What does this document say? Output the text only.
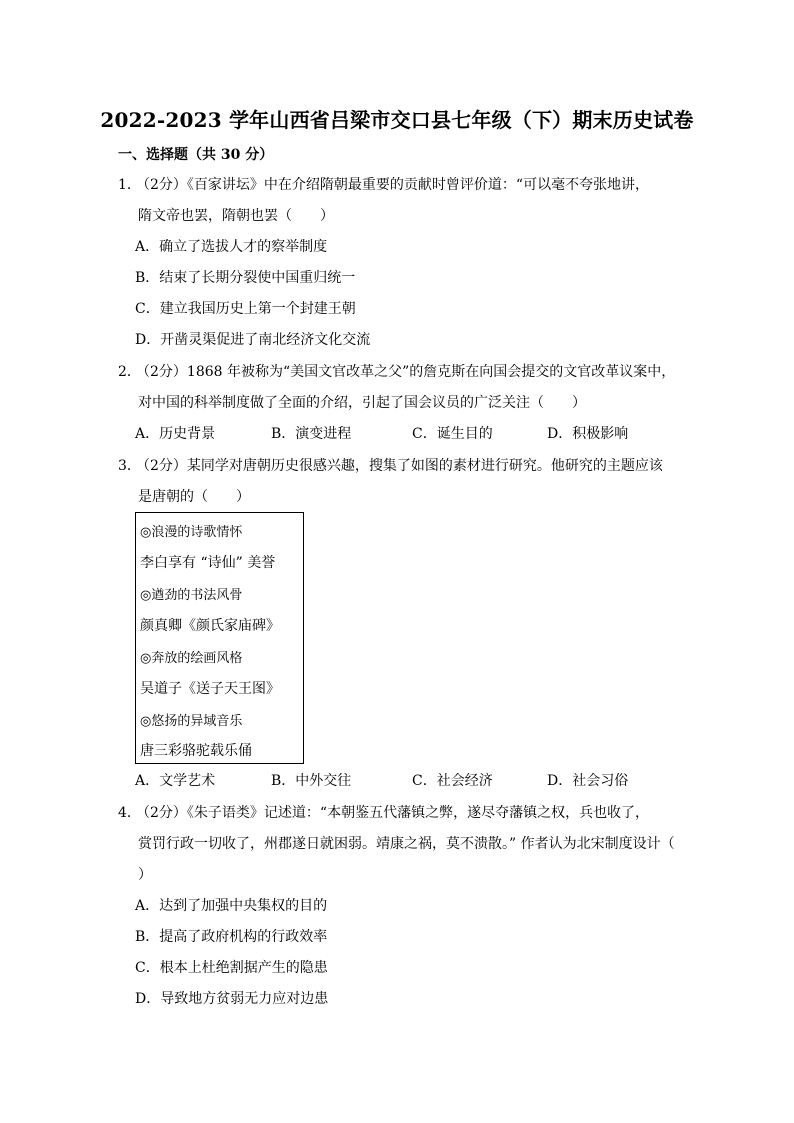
2022-2023 学年山西省吕梁市交口县七年级（下）期末历史试卷
一、选择题（共 30 分）
1．（2分）《百家讲坛》中在介绍隋朝最重要的贡献时曾评价道：“可以毫不夸张地讲，
隋文帝也罢，隋朝也罢（　　）
A．确立了选拔人才的察举制度
B．结束了长期分裂使中国重归统一
C．建立我国历史上第一个封建王朝
D．开凿灵渠促进了南北经济文化交流
2．（2分）1868 年被称为“美国文官改革之父”的詹克斯在向国会提交的文官改革议案中，
对中国的科举制度做了全面的介绍，引起了国会议员的广泛关注（　　）
A．历史背景	B．演变进程	C．诞生目的	D．积极影响
3．（2分）某同学对唐朝历史很感兴趣，搜集了如图的素材进行研究。他研究的主题应该
是唐朝的（　　）
◎浪漫的诗歌情怀
李白享有 “诗仙” 美誉
◎遒劲的书法风骨
颜真卿《颜氏家庙碑》
◎奔放的绘画风格
吴道子《送子天王图》
◎悠扬的异域音乐
唐三彩骆驼载乐俑
A．文学艺术	B．中外交往	C．社会经济	D．社会习俗
4．（2分）《朱子语类》记述道：“本朝鉴五代藩镇之弊，遂尽夺藩镇之权，兵也收了，
赏罚行政一切收了，州郡遂日就困弱。靖康之祸，莫不溃散。” 作者认为北宋制度设计（
）
A．达到了加强中央集权的目的
B．提高了政府机构的行政效率
C．根本上杜绝割据产生的隐患
D．导致地方贫弱无力应对边患
